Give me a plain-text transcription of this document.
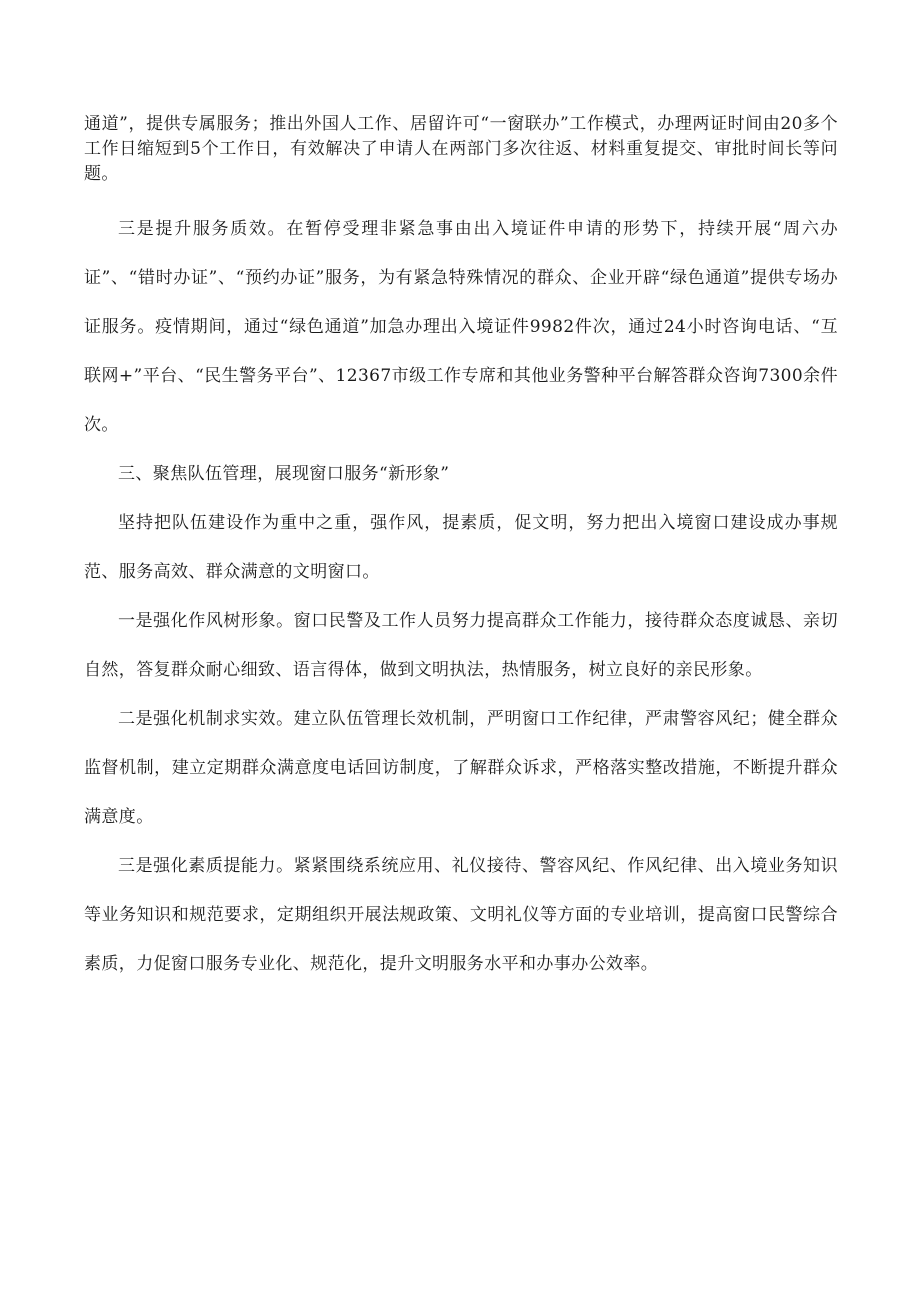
通道”，提供专属服务；推出外国人工作、居留许可“一窗联办”工作模式，办理两证时间由20多个工作日缩短到5个工作日，有效解决了申请人在两部门多次往返、材料重复提交、审批时间长等问题。

三是提升服务质效。在暂停受理非紧急事由出入境证件申请的形势下，持续开展“周六办证”、“错时办证”、“预约办证”服务，为有紧急特殊情况的群众、企业开辟“绿色通道”提供专场办证服务。疫情期间，通过“绿色通道”加急办理出入境证件9982件次，通过24小时咨询电话、“互联网+”平台、“民生警务平台”、12367市级工作专席和其他业务警种平台解答群众咨询7300余件次。

三、聚焦队伍管理，展现窗口服务“新形象”

坚持把队伍建设作为重中之重，强作风，提素质，促文明，努力把出入境窗口建设成办事规范、服务高效、群众满意的文明窗口。

一是强化作风树形象。窗口民警及工作人员努力提高群众工作能力，接待群众态度诚恳、亲切自然，答复群众耐心细致、语言得体，做到文明执法，热情服务，树立良好的亲民形象。

二是强化机制求实效。建立队伍管理长效机制，严明窗口工作纪律，严肃警容风纪；健全群众监督机制，建立定期群众满意度电话回访制度，了解群众诉求，严格落实整改措施，不断提升群众满意度。

三是强化素质提能力。紧紧围绕系统应用、礼仪接待、警容风纪、作风纪律、出入境业务知识等业务知识和规范要求，定期组织开展法规政策、文明礼仪等方面的专业培训，提高窗口民警综合素质，力促窗口服务专业化、规范化，提升文明服务水平和办事办公效率。
